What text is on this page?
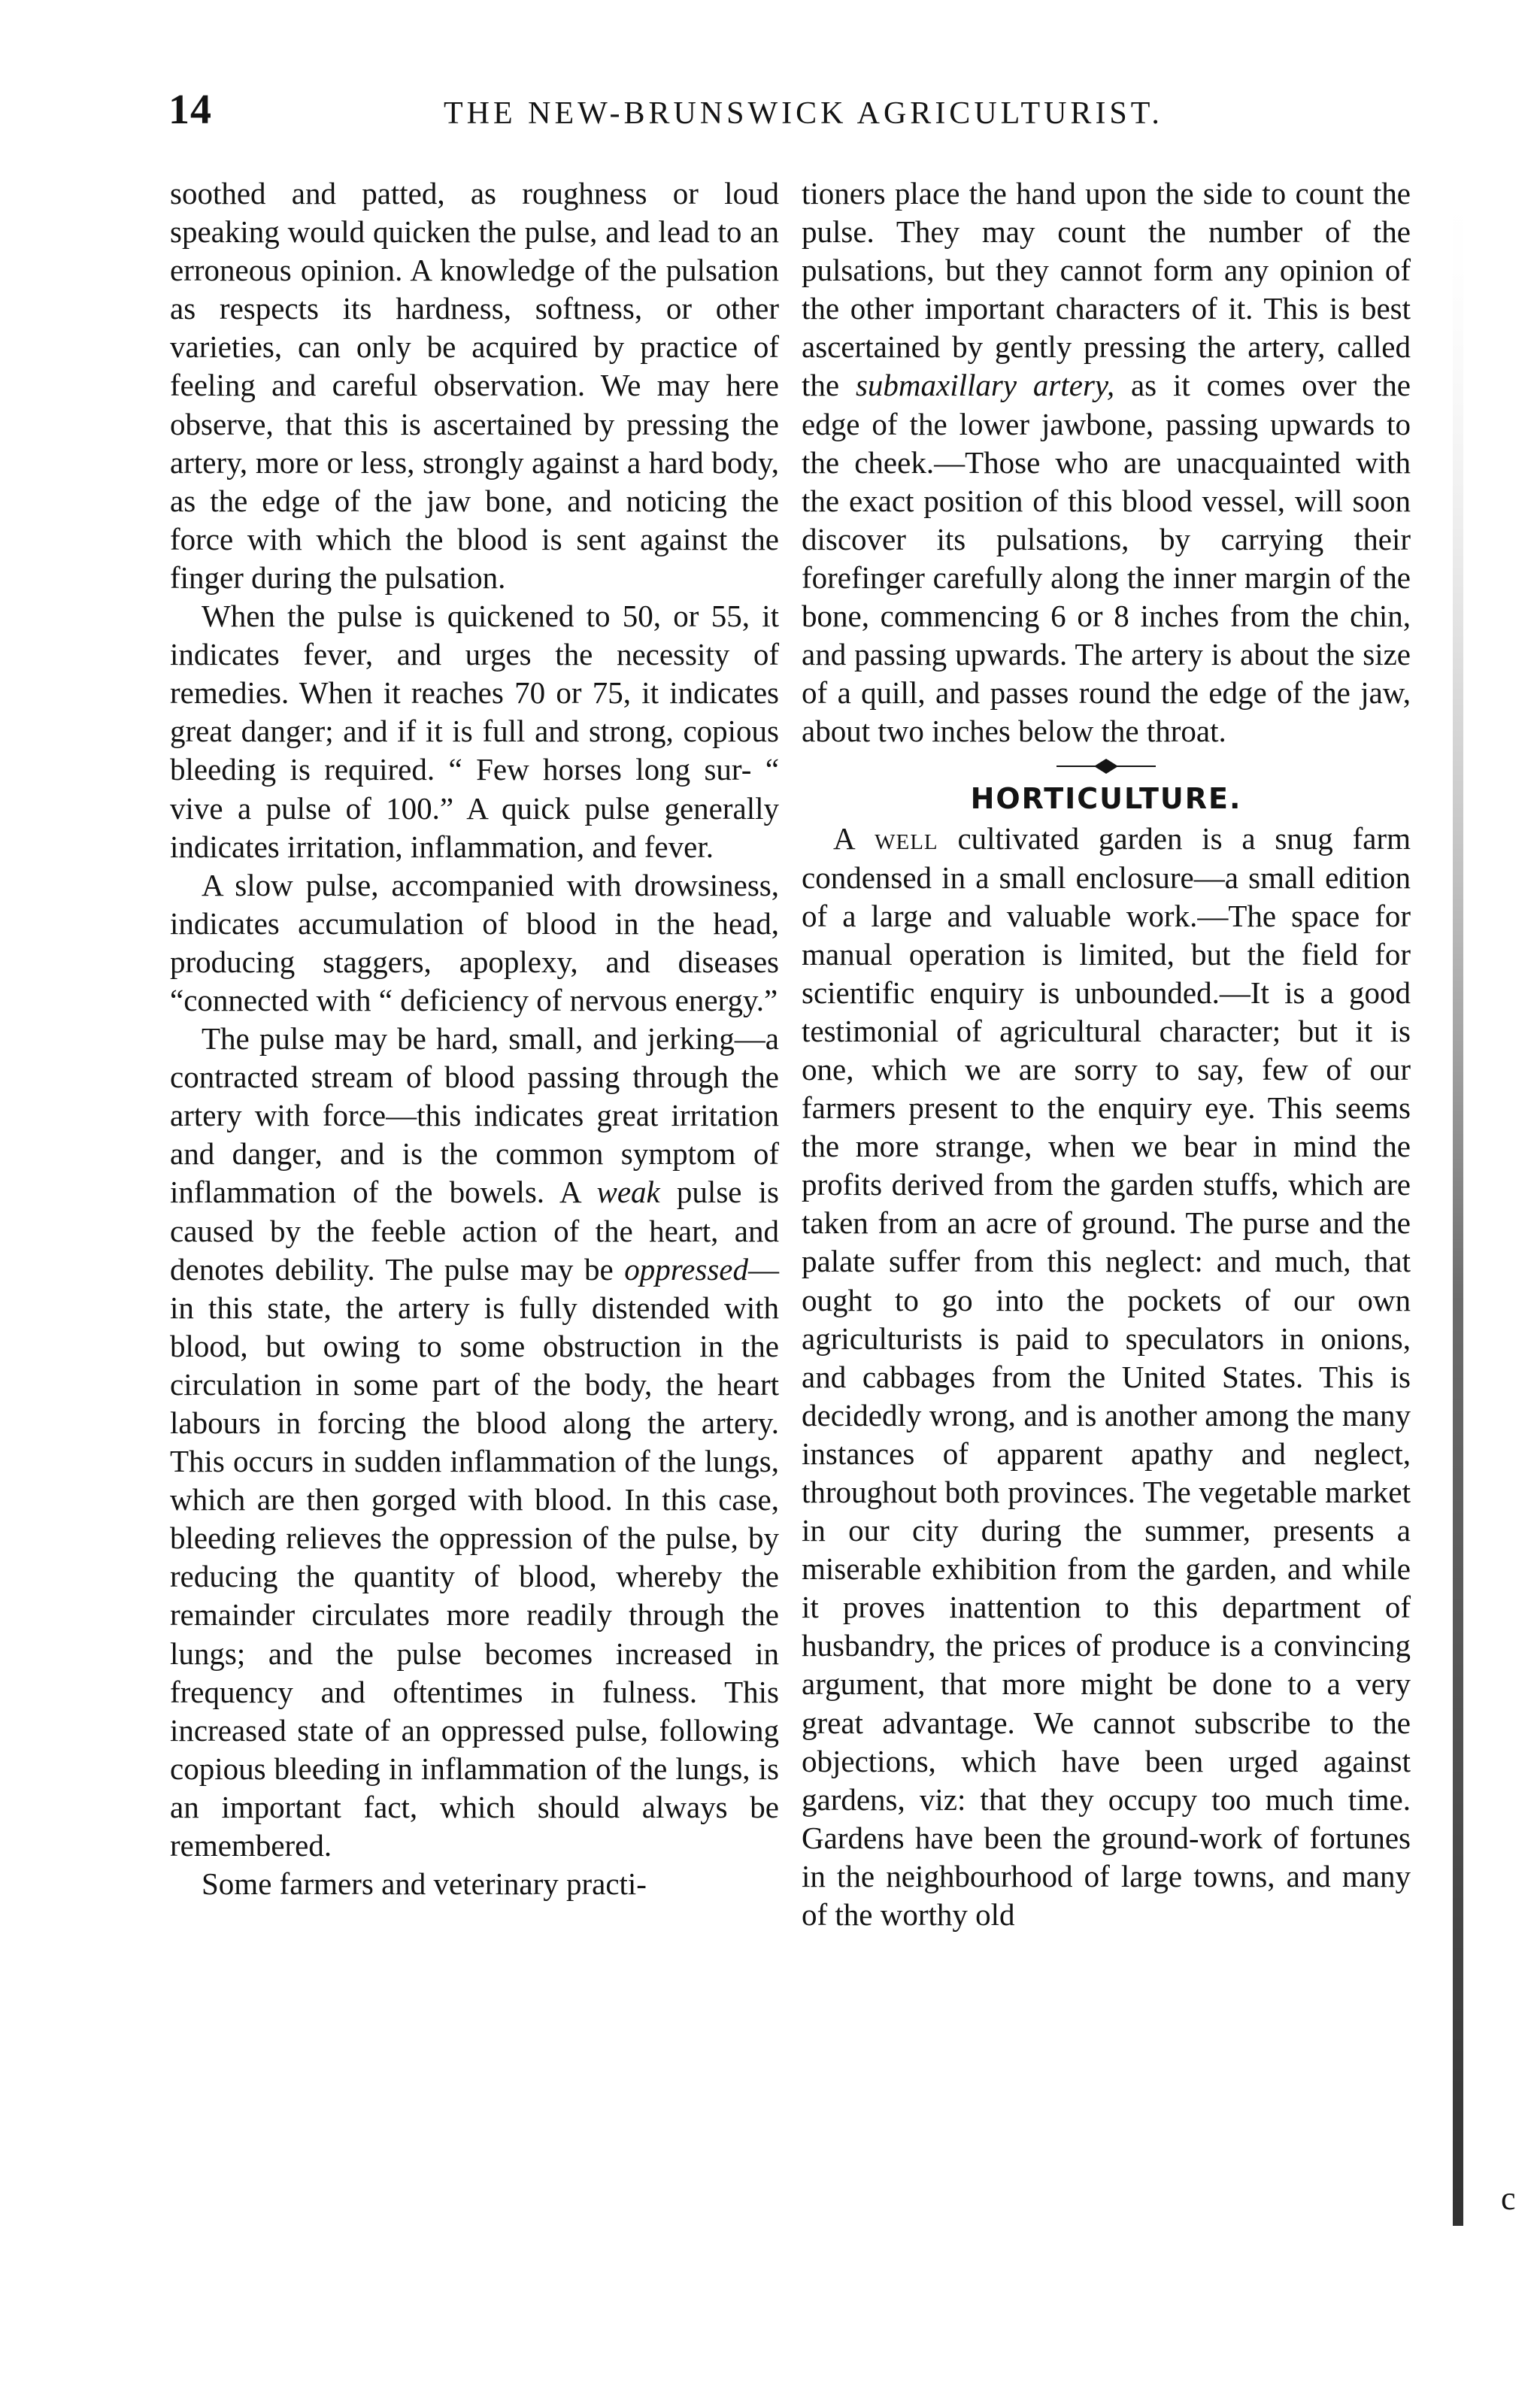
14	THE NEW-BRUNSWICK AGRICULTURIST.

soothed and patted, as roughness or loud speaking would quicken the pulse, and lead to an erroneous opinion. A knowledge of the pulsation as respects its hardness, softness, or other varieties, can only be acquired by practice of feeling and careful observation. We may here observe, that this is ascertained by pressing the artery, more or less, strongly against a hard body, as the edge of the jaw bone, and noticing the force with which the blood is sent against the finger during the pulsation.

When the pulse is quickened to 50, or 55, it indicates fever, and urges the necessity of remedies. When it reaches 70 or 75, it indicates great danger; and if it is full and strong, copious bleeding is required. “ Few horses long sur- “ vive a pulse of 100.” A quick pulse generally indicates irritation, inflammation, and fever.

A slow pulse, accompanied with drowsiness, indicates accumulation of blood in the head, producing staggers, apoplexy, and diseases “connected with “ deficiency of nervous energy.”

The pulse may be hard, small, and jerking—a contracted stream of blood passing through the artery with force—this indicates great irritation and danger, and is the common symptom of inflammation of the bowels. A weak pulse is caused by the feeble action of the heart, and denotes debility. The pulse may be oppressed—in this state, the artery is fully distended with blood, but owing to some obstruction in the circulation in some part of the body, the heart labours in forcing the blood along the artery. This occurs in sudden inflammation of the lungs, which are then gorged with blood. In this case, bleeding relieves the oppression of the pulse, by reducing the quantity of blood, whereby the remainder circulates more readily through the lungs; and the pulse becomes increased in frequency and oftentimes in fulness. This increased state of an oppressed pulse, following copious bleeding in inflammation of the lungs, is an important fact, which should always be remembered.

Some farmers and veterinary practi-

tioners place the hand upon the side to count the pulse. They may count the number of the pulsations, but they cannot form any opinion of the other important characters of it. This is best ascertained by gently pressing the artery, called the submaxillary artery, as it comes over the edge of the lower jawbone, passing upwards to the cheek.—Those who are unacquainted with the exact position of this blood vessel, will soon discover its pulsations, by carrying their forefinger carefully along the inner margin of the bone, commencing 6 or 8 inches from the chin, and passing upwards. The artery is about the size of a quill, and passes round the edge of the jaw, about two inches below the throat.

HORTICULTURE.

A well cultivated garden is a snug farm condensed in a small enclosure—a small edition of a large and valuable work.—The space for manual operation is limited, but the field for scientific enquiry is unbounded.—It is a good testimonial of agricultural character; but it is one, which we are sorry to say, few of our farmers present to the enquiry eye. This seems the more strange, when we bear in mind the profits derived from the garden stuffs, which are taken from an acre of ground. The purse and the palate suffer from this neglect: and much, that ought to go into the pockets of our own agriculturists is paid to speculators in onions, and cabbages from the United States. This is decidedly wrong, and is another among the many instances of apparent apathy and neglect, throughout both provinces. The vegetable market in our city during the summer, presents a miserable exhibition from the garden, and while it proves inattention to this department of husbandry, the prices of produce is a convincing argument, that more might be done to a very great advantage. We cannot subscribe to the objections, which have been urged against gardens, viz: that they occupy too much time. Gardens have been the ground-work of fortunes in the neighbourhood of large towns, and many of the worthy old

c
